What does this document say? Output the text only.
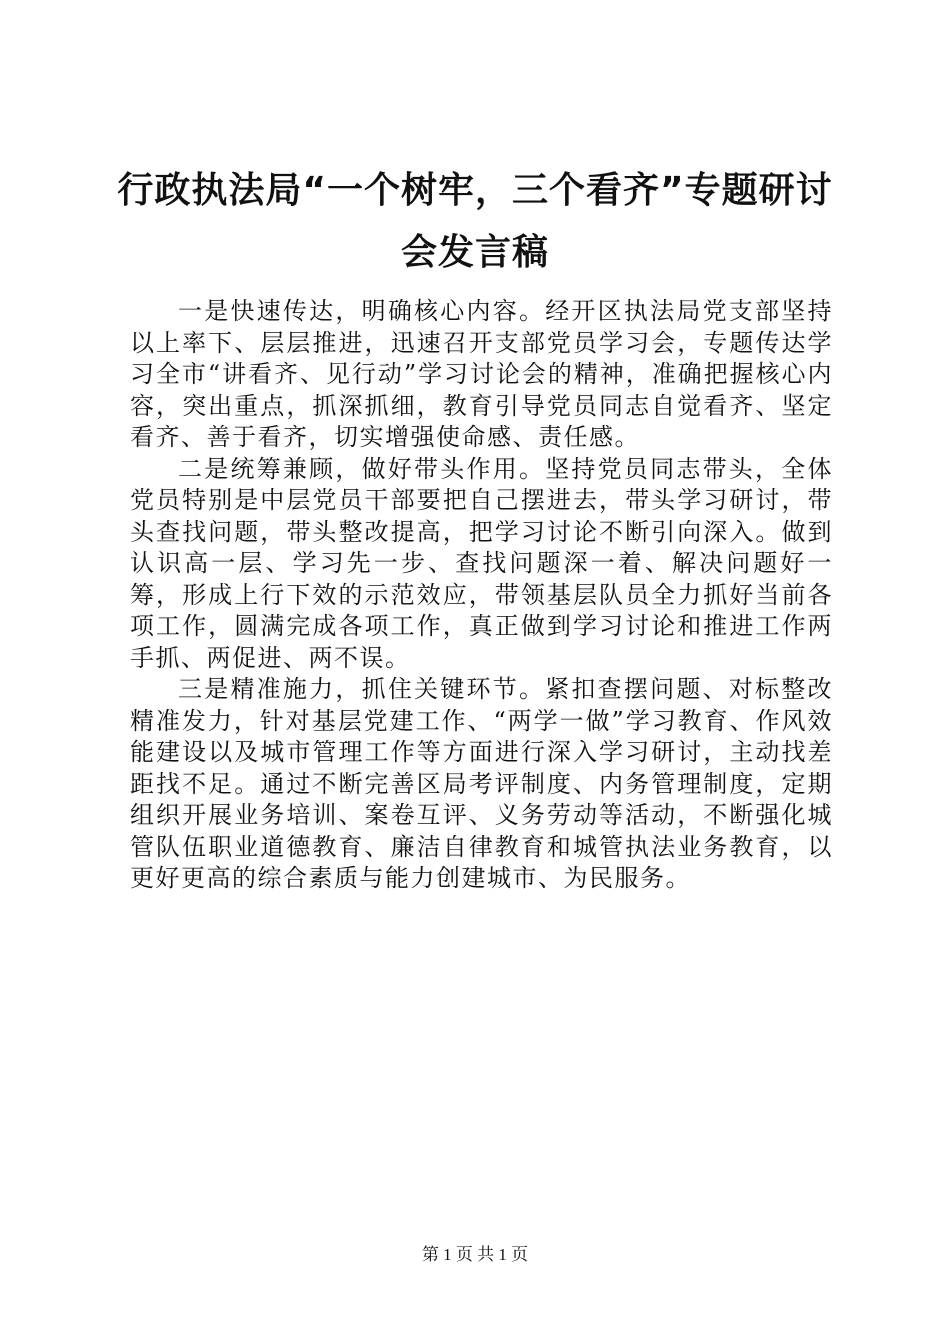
行政执法局“一个树牢，三个看齐”专题研讨会发言稿

一是快速传达，明确核心内容。经开区执法局党支部坚持以上率下、层层推进，迅速召开支部党员学习会，专题传达学习全市“讲看齐、见行动”学习讨论会的精神，准确把握核心内容，突出重点，抓深抓细，教育引导党员同志自觉看齐、坚定看齐、善于看齐，切实增强使命感、责任感。

二是统筹兼顾，做好带头作用。坚持党员同志带头，全体党员特别是中层党员干部要把自己摆进去，带头学习研讨，带头查找问题，带头整改提高，把学习讨论不断引向深入。做到认识高一层、学习先一步、查找问题深一着、解决问题好一筹，形成上行下效的示范效应，带领基层队员全力抓好当前各项工作，圆满完成各项工作，真正做到学习讨论和推进工作两手抓、两促进、两不误。

三是精准施力，抓住关键环节。紧扣查摆问题、对标整改精准发力，针对基层党建工作、“两学一做”学习教育、作风效能建设以及城市管理工作等方面进行深入学习研讨，主动找差距找不足。通过不断完善区局考评制度、内务管理制度，定期组织开展业务培训、案卷互评、义务劳动等活动，不断强化城管队伍职业道德教育、廉洁自律教育和城管执法业务教育，以更好更高的综合素质与能力创建城市、为民服务。

第 1 页 共 1 页
